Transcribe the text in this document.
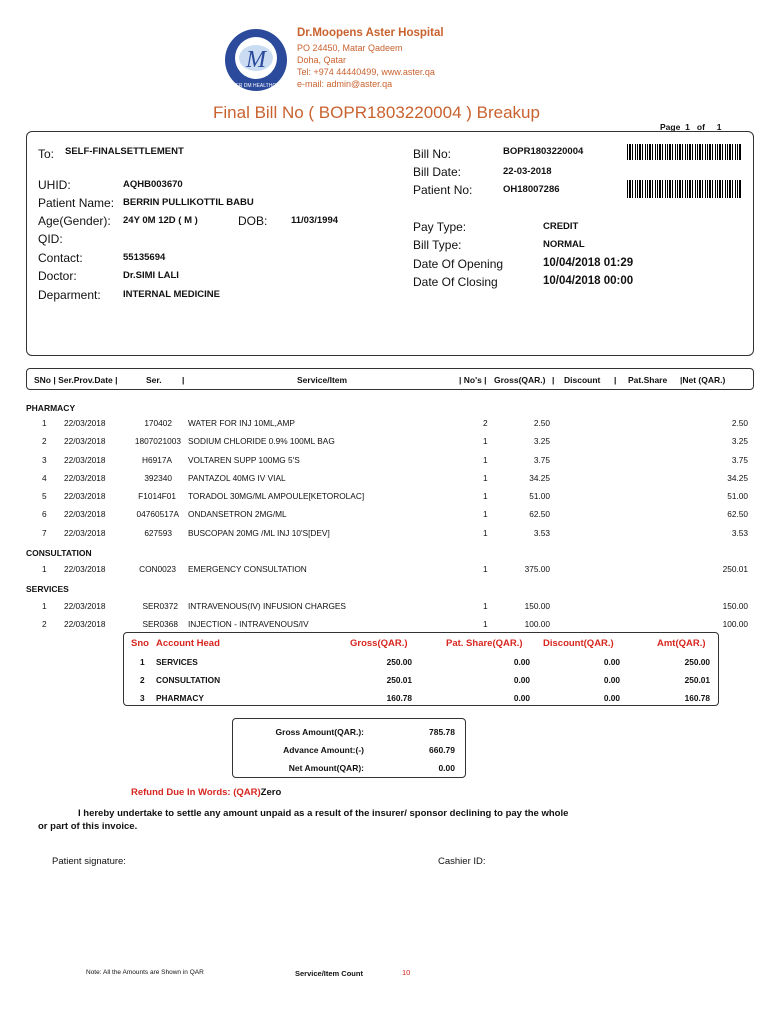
M
ASTER DM HEALTHCARE
Dr.Moopens Aster Hospital
PO 24450, Matar Qadeem
Doha, Qatar
Tel: +974 44440499, www.aster.qa
e-mail: admin@aster.qa
Final Bill No ( BOPR1803220004 ) Breakup
Page 1 of 1
To: SELF-FINALSETTLEMENT
UHID:	AQHB003670
Patient Name: BERRIN PULLIKOTTIL BABU
Age(Gender): 24Y 0M 12D ( M )	DOB: 11/03/1994
QID:
Contact:	55135694
Doctor:	Dr.SIMI LALI
Deparment: INTERNAL MEDICINE
Bill No:	BOPR1803220004
Bill Date:	22-03-2018
Patient No:	OH18007286
Pay Type:	CREDIT
Bill Type:	NORMAL
Date Of Opening	10/04/2018 01:29
Date Of Closing	10/04/2018 00:00
SNo | Ser.Prov.Date |	Ser. |	Service/Item	| No's | Gross(QAR.) | Discount | Pat.Share |Net (QAR.)
PHARMACY
1 22/03/2018	170402 WATER FOR INJ 10ML,AMP	2	2.50	2.50
2 22/03/2018	1807021003 SODIUM CHLORIDE 0.9% 100ML BAG	1	3.25	3.25
3 22/03/2018	H6917A VOLTAREN SUPP 100MG 5'S	1	3.75	3.75
4 22/03/2018	392340 PANTAZOL 40MG IV VIAL	1	34.25	34.25
5 22/03/2018	F1014F01 TORADOL 30MG/ML AMPOULE[KETOROLAC]	1	51.00	51.00
6 22/03/2018	04760517A ONDANSETRON 2MG/ML	1	62.50	62.50
7 22/03/2018	627593 BUSCOPAN 20MG /ML INJ 10'S[DEV]	1	3.53	3.53
CONSULTATION
1 22/03/2018	CON0023 EMERGENCY CONSULTATION	1	375.00	250.01
SERVICES
1 22/03/2018	SER0372 INTRAVENOUS(IV) INFUSION CHARGES	1	150.00	150.00
2 22/03/2018	SER0368 INJECTION - INTRAVENOUS/IV	1	100.00	100.00
Sno Account Head	Gross(QAR.)	Pat. Share(QAR.) Discount(QAR.)	Amt(QAR.)
1 SERVICES	250.00	0.00	0.00	250.00
2 CONSULTATION	250.01	0.00	0.00	250.01
3 PHARMACY	160.78	0.00	0.00	160.78
Gross Amount(QAR.):	785.78
Advance Amount:(-)	660.79
Net Amount(QAR):	0.00
Refund Due In Words: (QAR)Zero
I hereby undertake to settle any amount unpaid as a result of the insurer/ sponsor declining to pay the whole
or part of this invoice.
Patient signature:	Cashier ID:
Note: All the Amounts are Shown in QAR	Service/Item Count	10
